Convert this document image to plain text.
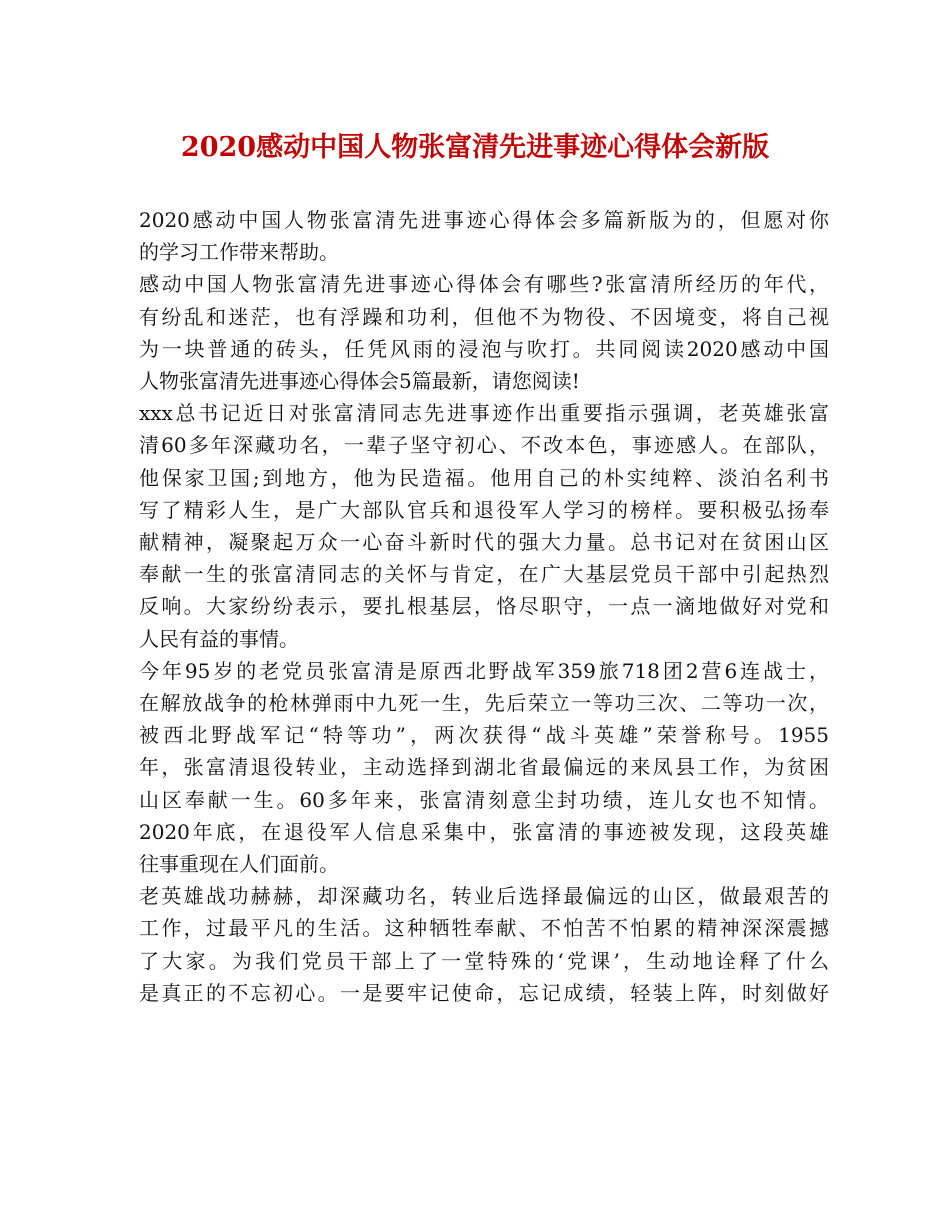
2020感动中国人物张富清先进事迹心得体会新版
2020感动中国人物张富清先进事迹心得体会多篇新版为的，但愿对你
的学习工作带来帮助。
感动中国人物张富清先进事迹心得体会有哪些?张富清所经历的年代，
有纷乱和迷茫，也有浮躁和功利，但他不为物役、不因境变，将自己视
为一块普通的砖头，任凭风雨的浸泡与吹打。共同阅读2020感动中国
人物张富清先进事迹心得体会5篇最新，请您阅读!
xxx总书记近日对张富清同志先进事迹作出重要指示强调，老英雄张富
清60多年深藏功名，一辈子坚守初心、不改本色，事迹感人。在部队，
他保家卫国;到地方，他为民造福。他用自己的朴实纯粹、淡泊名利书
写了精彩人生，是广大部队官兵和退役军人学习的榜样。要积极弘扬奉
献精神，凝聚起万众一心奋斗新时代的强大力量。总书记对在贫困山区
奉献一生的张富清同志的关怀与肯定，在广大基层党员干部中引起热烈
反响。大家纷纷表示，要扎根基层，恪尽职守，一点一滴地做好对党和
人民有益的事情。
今年95岁的老党员张富清是原西北野战军359旅718团2营6连战士，
在解放战争的枪林弹雨中九死一生，先后荣立一等功三次、二等功一次，
被西北野战军记“特等功”，两次获得“战斗英雄”荣誉称号。1955
年，张富清退役转业，主动选择到湖北省最偏远的来凤县工作，为贫困
山区奉献一生。60多年来，张富清刻意尘封功绩，连儿女也不知情。
2020年底，在退役军人信息采集中，张富清的事迹被发现，这段英雄
往事重现在人们面前。
老英雄战功赫赫，却深藏功名，转业后选择最偏远的山区，做最艰苦的
工作，过最平凡的生活。这种牺牲奉献、不怕苦不怕累的精神深深震撼
了大家。为我们党员干部上了一堂特殊的‘党课’，生动地诠释了什么
是真正的不忘初心。一是要牢记使命，忘记成绩，轻装上阵，时刻做好
